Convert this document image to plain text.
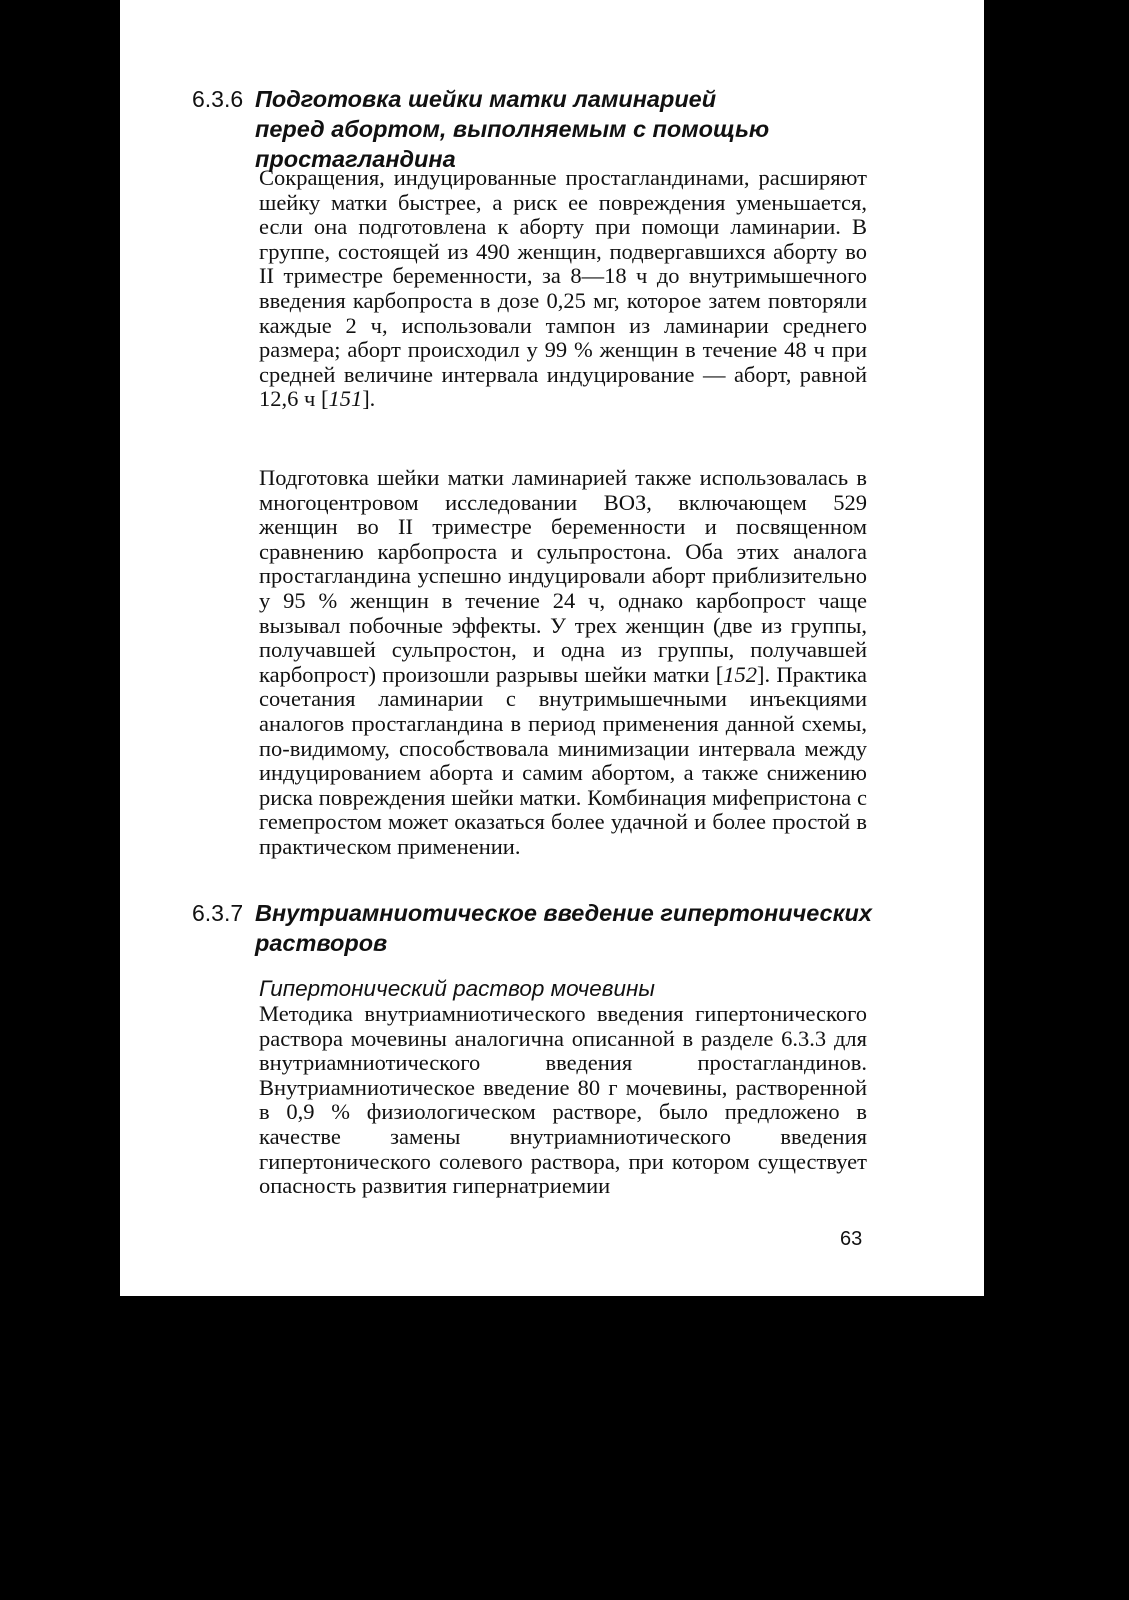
6.3.6 Подготовка шейки матки ламинарией
перед абортом, выполняемым с помощью
простагландина

Сокращения, индуцированные простагландинами, расширяют шейку матки быстрее, а риск ее повреждения уменьшается, если она подготовлена к аборту при помощи ламинарии. В группе, состоящей из 490 женщин, подвергавшихся аборту во II триместре беременности, за 8—18 ч до внутримышечного введения карбопроста в дозе 0,25 мг, которое затем повторяли каждые 2 ч, использовали тампон из ламинарии среднего размера; аборт происходил у 99 % женщин в течение 48 ч при средней величине интервала индуцирование — аборт, равной 12,6 ч [151].

Подготовка шейки матки ламинарией также использовалась в многоцентровом исследовании ВОЗ, включающем 529 женщин во II триместре беременности и посвященном сравнению карбопроста и сульпростона. Оба этих аналога простагландина успешно индуцировали аборт приблизительно у 95 % женщин в течение 24 ч, однако карбопрост чаще вызывал побочные эффекты. У трех женщин (две из группы, получавшей сульпростон, и одна из группы, получавшей карбопрост) произошли разрывы шейки матки [152]. Практика сочетания ламинарии с внутримышечными инъекциями аналогов простагландина в период применения данной схемы, по-видимому, способствовала минимизации интервала между индуцированием аборта и самим абортом, а также снижению риска повреждения шейки матки. Комбинация мифепристона с гемепростом может оказаться более удачной и более простой в практическом применении.

6.3.7 Внутриамниотическое введение гипертонических
растворов
Гипертонический раствор мочевины

Методика внутриамниотического введения гипертонического раствора мочевины аналогична описанной в разделе 6.3.3 для внутриамниотического введения простагландинов. Внутриамниотическое введение 80 г мочевины, растворенной в 0,9 % физиологическом растворе, было предложено в качестве замены внутриамниотического введения гипертонического солевого раствора, при котором существует опасность развития гипернатриемии

63
